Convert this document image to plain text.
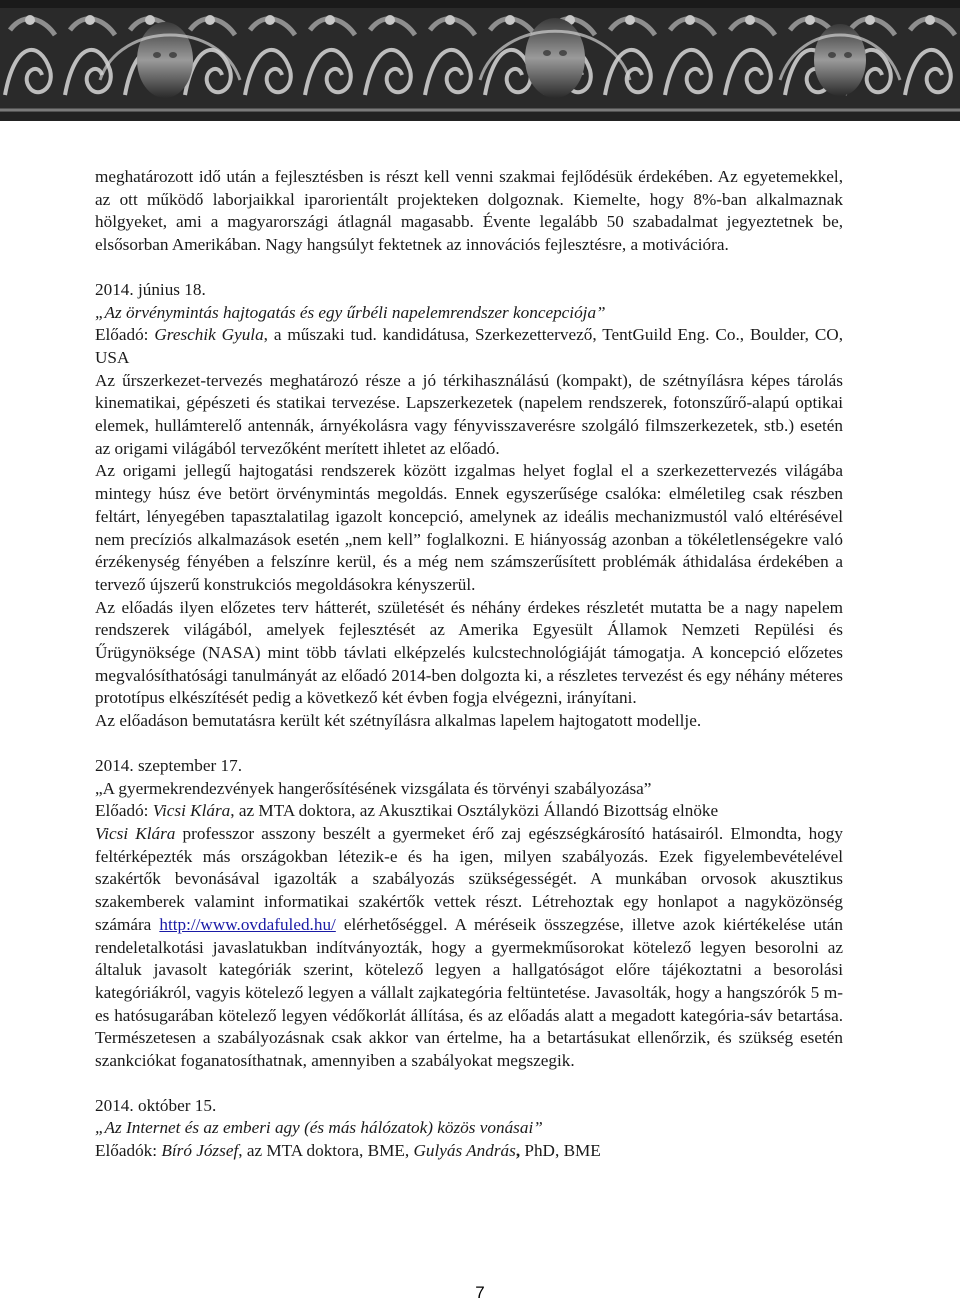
meghatározott idő után a fejlesztésben is részt kell venni szakmai fejlődésük érdekében. Az egyetemekkel, az ott működő laborjaikkal iparorientált projekteken dolgoznak. Kiemelte, hogy 8%-ban alkalmaznak hölgyeket, ami a magyarországi átlagnál magasabb. Évente legalább 50 szabadalmat jegyeztetnek be, elsősorban Amerikában. Nagy hangsúlyt fektetnek az innovációs fejlesztésre, a motivációra.

2014. június 18.

„Az örvénymintás hajtogatás és egy űrbéli napelemrendszer koncepciója”

Előadó: Greschik Gyula, a műszaki tud. kandidátusa, Szerkezettervező, TentGuild Eng. Co., Boulder, CO, USA

Az űrszerkezet-tervezés meghatározó része a jó térkihasználású (kompakt), de szétnyílásra képes tárolás kinematikai, gépészeti és statikai tervezése. Lapszerkezetek (napelem rendszerek, fotonszűrő-alapú optikai elemek, hullámterelő antennák, árnyékolásra vagy fényvisszaverésre szolgáló filmszerkezetek, stb.) esetén az origami világából tervezőként merített ihletet az előadó.

Az origami jellegű hajtogatási rendszerek között izgalmas helyet foglal el a szerkezettervezés világába mintegy húsz éve betört örvénymintás megoldás. Ennek egyszerűsége csalóka: elméletileg csak részben feltárt, lényegében tapasztalatilag igazolt koncepció, amelynek az ideális mechanizmustól való eltérésével nem precíziós alkalmazások esetén „nem kell” foglalkozni. E hiányosság azonban a tökéletlenségekre való érzékenység fényében a felszínre kerül, és a még nem számszerűsített problémák áthidalása érdekében a tervező újszerű konstrukciós megoldásokra kényszerül.

Az előadás ilyen előzetes terv hátterét, születését és néhány érdekes részletét mutatta be a nagy napelem rendszerek világából, amelyek fejlesztését az Amerika Egyesült Államok Nemzeti Repülési és Űrügynöksége (NASA) mint több távlati elképzelés kulcstechnológiáját támogatja. A koncepció előzetes megvalósíthatósági tanulmányát az előadó 2014-ben dolgozta ki, a részletes tervezést és egy néhány méteres prototípus elkészítését pedig a következő két évben fogja elvégezni, irányítani.

Az előadáson bemutatásra került két szétnyílásra alkalmas lapelem hajtogatott modellje.

2014. szeptember 17.

„A gyermekrendezvények hangerősítésének vizsgálata és törvényi szabályozása”

Előadó: Vicsi Klára, az MTA doktora, az Akusztikai Osztályközi Állandó Bizottság elnöke

Vicsi Klára professzor asszony beszélt a gyermeket érő zaj egészségkárosító hatásairól. Elmondta, hogy feltérképezték más országokban létezik-e és ha igen, milyen szabályozás. Ezek figyelembevételével szakértők bevonásával igazolták a szabályozás szükségességét. A munkában orvosok akusztikus szakemberek valamint informatikai szakértők vettek részt. Létrehoztak egy honlapot a nagyközönség számára http://www.ovdafuled.hu/ elérhetőséggel. A méréseik összegzése, illetve azok kiértékelése után rendeletalkotási javaslatukban indítványozták, hogy a gyermekműsorokat kötelező legyen besorolni az általuk javasolt kategóriák szerint, kötelező legyen a hallgatóságot előre tájékoztatni a besorolási kategóriákról, vagyis kötelező legyen a vállalt zajkategória feltüntetése. Javasolták, hogy a hangszórók 5 m-es hatósugarában kötelező legyen védőkorlát állítása, és az előadás alatt a megadott kategória-sáv betartása. Természetesen a szabályozásnak csak akkor van értelme, ha a betartásukat ellenőrzik, és szükség esetén szankciókat foganatosíthatnak, amennyiben a szabályokat megszegik.

2014. október 15.

„Az Internet és az emberi agy (és más hálózatok) közös vonásai”

Előadók: Bíró József, az MTA doktora, BME, Gulyás András, PhD, BME

7
